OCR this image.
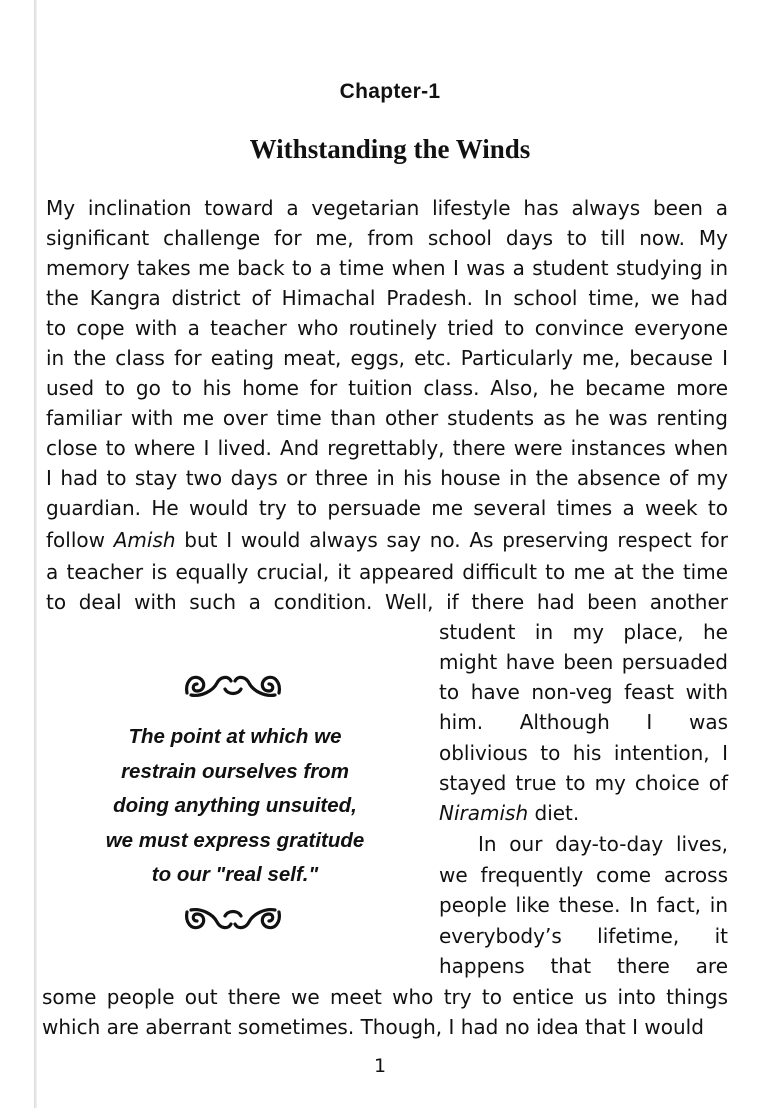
Chapter-1
Withstanding the Winds
My inclination toward a vegetarian lifestyle has always been a
significant challenge for me, from school days to till now. My
memory takes me back to a time when I was a student studying in
the Kangra district of Himachal Pradesh. In school time, we had
to cope with a teacher who routinely tried to convince everyone
in the class for eating meat, eggs, etc. Particularly me, because I
used to go to his home for tuition class. Also, he became more
familiar with me over time than other students as he was renting
close to where I lived. And regrettably, there were instances when
I had to stay two days or three in his house in the absence of my
guardian. He would try to persuade me several times a week to
follow Amish but I would always say no. As preserving respect for
a teacher is equally crucial, it appeared difficult to me at the time
to deal with such a condition. Well, if there had been another
student in my place, he
might have been persuaded
to have non-veg feast with
him. Although I was
oblivious to his intention, I
stayed true to my choice of
Niramish diet.
In our day-to-day lives,
we frequently come across
people like these. In fact, in
everybody’s lifetime, it
happens that there are
some people out there we meet who try to entice us into things
which are aberrant sometimes. Though, I had no idea that I would
The point at which we
restrain ourselves from
doing anything unsuited,
we must express gratitude
to our "real self."
1
